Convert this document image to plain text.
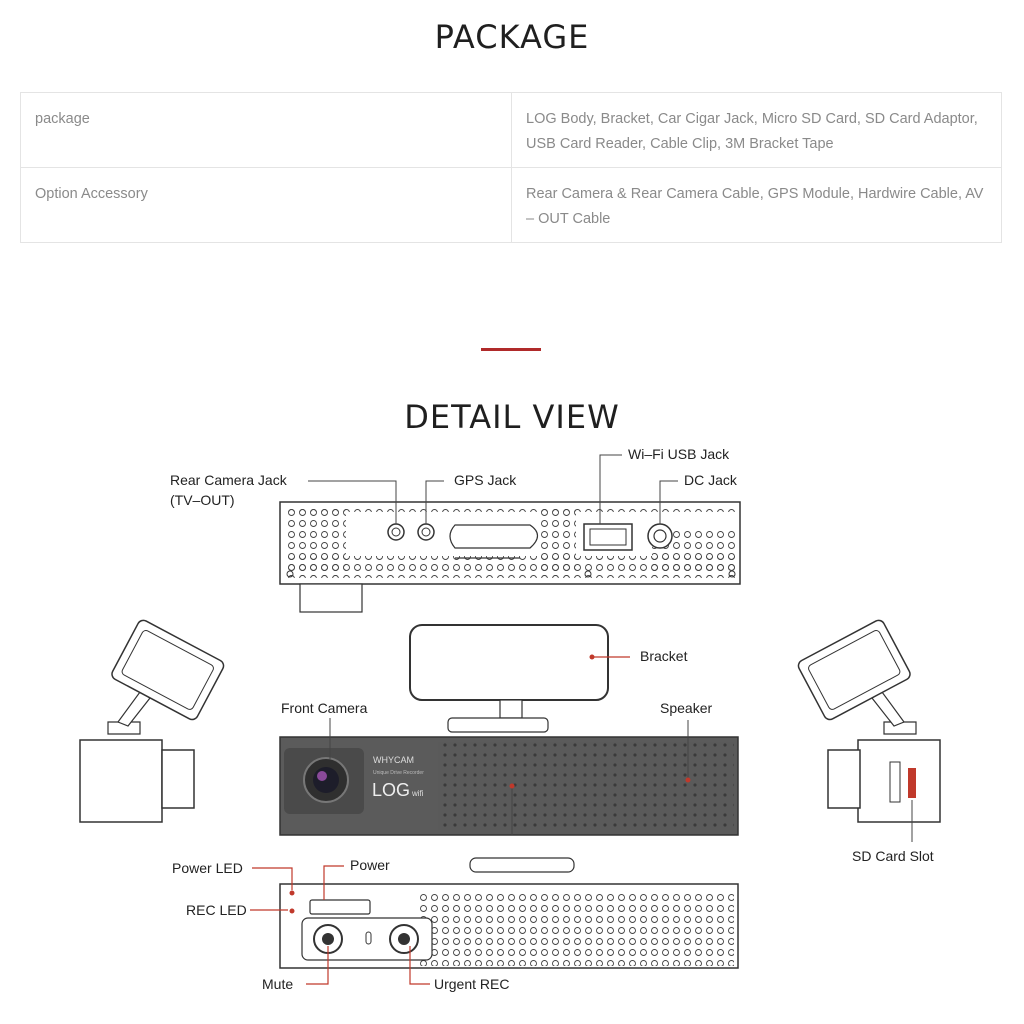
PACKAGE
package	LOG Body, Bracket, Car Cigar Jack, Micro SD Card, SD Card Adaptor, USB Card Reader, Cable Clip, 3M Bracket Tape
Option Accessory	Rear Camera & Rear Camera Cable, GPS Module, Hardwire Cable, AV – OUT Cable
DETAIL VIEW
WHYCAM
Unique Drive Recorder
LOG wifi
Rear Camera Jack
(TV–OUT)
GPS Jack
Wi–Fi USB Jack
DC Jack
Bracket
Front Camera	Speaker
SD Card Slot
Power LED	Power
REC LED
Mute	Urgent REC
